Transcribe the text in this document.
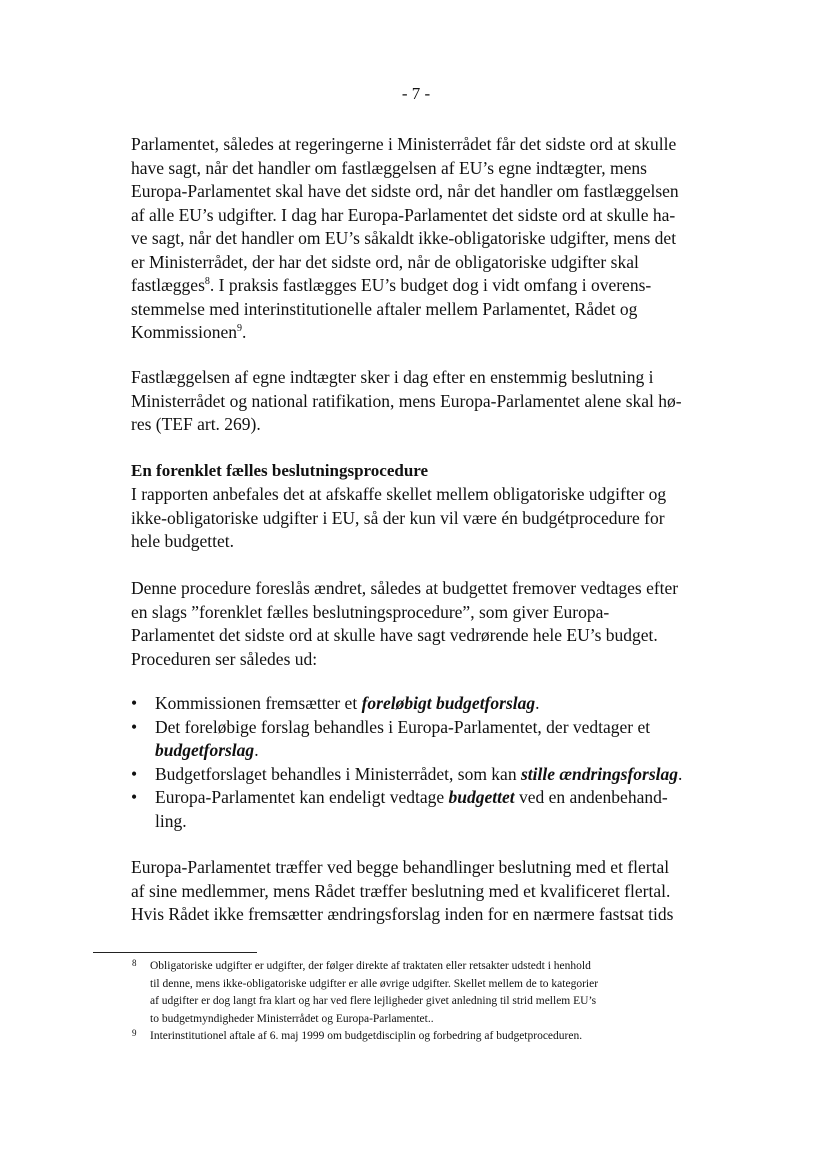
- 7 -
Parlamentet, således at regeringerne i Ministerrådet får det sidste ord at skulle
have sagt, når det handler om fastlæggelsen af EU’s egne indtægter, mens
Europa-Parlamentet skal have det sidste ord, når det handler om fastlæggelsen
af alle EU’s udgifter. I dag har Europa-Parlamentet det sidste ord at skulle ha-
ve sagt, når det handler om EU’s såkaldt ikke-obligatoriske udgifter, mens det
er Ministerrådet, der har det sidste ord, når de obligatoriske udgifter skal
fastlægges$^8$. I praksis fastlægges EU’s budget dog i vidt omfang i overens-
stemmelse med interinstitutionelle aftaler mellem Parlamentet, Rådet og
Kommissionen$^9$.
Fastlæggelsen af egne indtægter sker i dag efter en enstemmig beslutning i
Ministerrådet og national ratifikation, mens Europa-Parlamentet alene skal hø-
res (TEF art. 269).
En forenklet fælles beslutningsprocedure
I rapporten anbefales det at afskaffe skellet mellem obligatoriske udgifter og
ikke-obligatoriske udgifter i EU, så der kun vil være én budgétprocedure for
hele budgettet.
Denne procedure foreslås ændret, således at budgettet fremover vedtages efter
en slags ”forenklet fælles beslutningsprocedure”, som giver Europa-
Parlamentet det sidste ord at skulle have sagt vedrørende hele EU’s budget.
Proceduren ser således ud:
• Kommissionen fremsætter et foreløbigt budgetforslag.
• Det foreløbige forslag behandles i Europa-Parlamentet, der vedtager et
budgetforslag.
• Budgetforslaget behandles i Ministerrådet, som kan stille ændringsforslag.
• Europa-Parlamentet kan endeligt vedtage budgettet ved en andenbehand-
ling.
Europa-Parlamentet træffer ved begge behandlinger beslutning med et flertal
af sine medlemmer, mens Rådet træffer beslutning med et kvalificeret flertal.
Hvis Rådet ikke fremsætter ændringsforslag inden for en nærmere fastsat tids
8 Obligatoriske udgifter er udgifter, der følger direkte af traktaten eller retsakter udstedt i henhold
til denne, mens ikke-obligatoriske udgifter er alle øvrige udgifter. Skellet mellem de to kategorier
af udgifter er dog langt fra klart og har ved flere lejligheder givet anledning til strid mellem EU’s
to budgetmyndigheder Ministerrådet og Europa-Parlamentet..
9 Interinstitutionel aftale af 6. maj 1999 om budgetdisciplin og forbedring af budgetproceduren.
